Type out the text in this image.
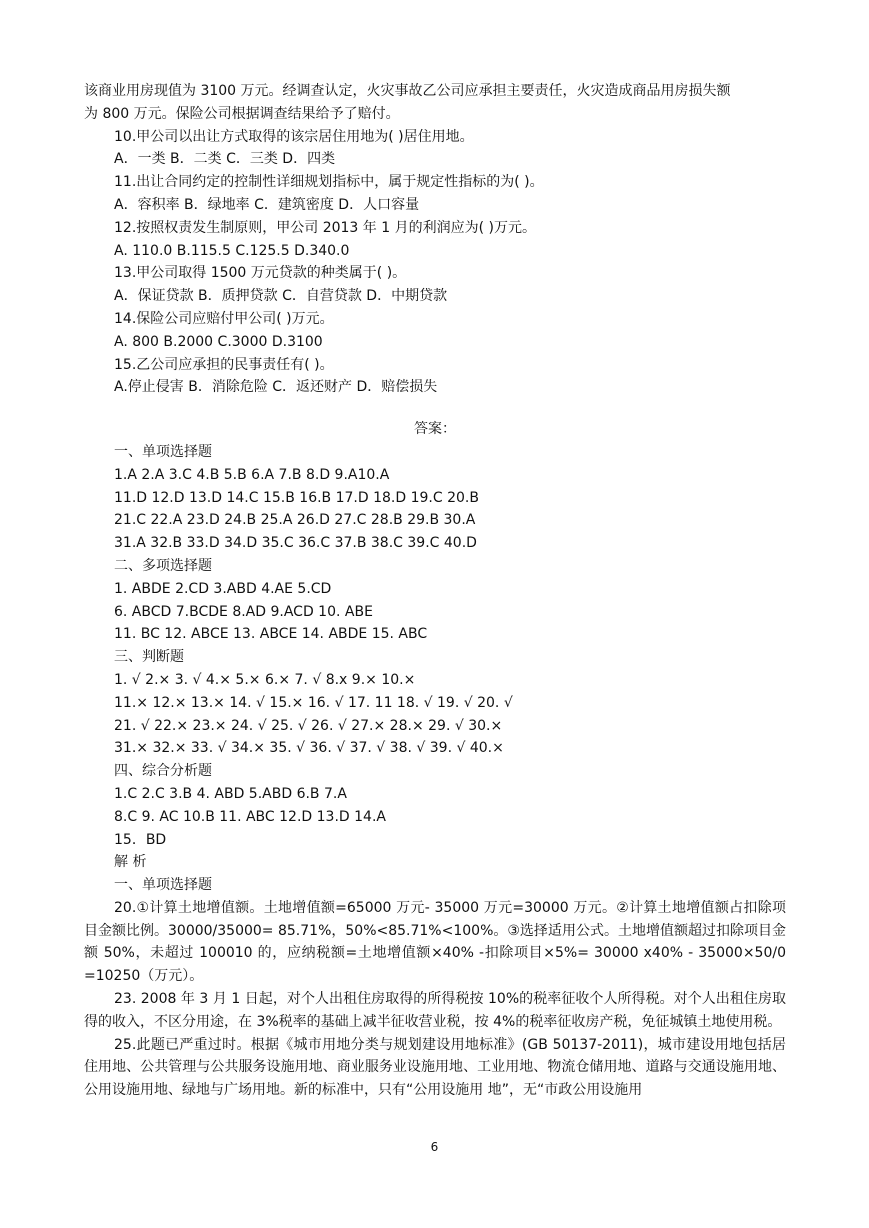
该商业用房现值为 3100 万元。经调查认定，火灾事故乙公司应承担主要责任，火灾造成商品用房损失额
为 800 万元。保险公司根据调查结果给予了赔付。
10.甲公司以出让方式取得的该宗居住用地为( )居住用地。
A．一类 B．二类 C．三类 D．四类
11.出让合同约定的控制性详细规划指标中，属于规定性指标的为( )。
A．容积率 B．绿地率 C．建筑密度 D．人口容量
12.按照权责发生制原则，甲公司 2013 年 1 月的利润应为( )万元。
A. 110.0 B.115.5 C.125.5 D.340.0
13.甲公司取得 1500 万元贷款的种类属于( )。
A．保证贷款 B．质押贷款 C．自营贷款 D．中期贷款
14.保险公司应赔付甲公司( )万元。
A. 800 B.2000 C.3000 D.3100
15.乙公司应承担的民事责任有( )。
A.停止侵害 B．消除危险 C．返还财产 D．赔偿损失
答案：
一、单项选择题
1.A 2.A 3.C 4.B 5.B 6.A 7.B 8.D 9.A10.A
11.D 12.D 13.D 14.C 15.B 16.B 17.D 18.D 19.C 20.B
21.C 22.A 23.D 24.B 25.A 26.D 27.C 28.B 29.B 30.A
31.A 32.B 33.D 34.D 35.C 36.C 37.B 38.C 39.C 40.D
二、多项选择题
1. ABDE 2.CD 3.ABD 4.AE 5.CD
6. ABCD 7.BCDE 8.AD 9.ACD 10. ABE
11. BC 12. ABCE 13. ABCE 14. ABDE 15. ABC
三、判断题
1. √ 2.× 3. √ 4.× 5.× 6.× 7. √ 8.x 9.× 10.×
11.× 12.× 13.× 14. √ 15.× 16. √ 17. 11 18. √ 19. √ 20. √
21. √ 22.× 23.× 24. √ 25. √ 26. √ 27.× 28.× 29. √ 30.×
31.× 32.× 33. √ 34.× 35. √ 36. √ 37. √ 38. √ 39. √ 40.×
四、综合分析题
1.C 2.C 3.B 4. ABD 5.ABD 6.B 7.A
8.C 9. AC 10.B 11. ABC 12.D 13.D 14.A
15．BD
解 析
一、单项选择题
20.①计算土地增值额。土地增值额=65000 万元- 35000 万元=30000 万元。②计算土地增值额占扣除项目金额比例。30000/35000= 85.71%，50%<85.71%<100%。③选择适用公式。土地增值额超过扣除项目金额 50%，未超过 100010 的，应纳税额=土地增值额×40% -扣除项目×5%= 30000 x40% - 35000×50/0 =10250（万元）。
23. 2008 年 3 月 1 日起，对个人出租住房取得的所得税按 10%的税率征收个人所得税。对个人出租住房取得的收入，不区分用途，在 3%税率的基础上减半征收营业税，按 4%的税率征收房产税，免征城镇土地使用税。
25.此题已严重过时。根据《城市用地分类与规划建设用地标准》(GB 50137-2011)，城市建设用地包括居住用地、公共管理与公共服务设施用地、商业服务业设施用地、工业用地、物流仓储用地、道路与交通设施用地、公用设施用地、绿地与广场用地。新的标准中，只有“公用设施用 地”，无“市政公用设施用
6
